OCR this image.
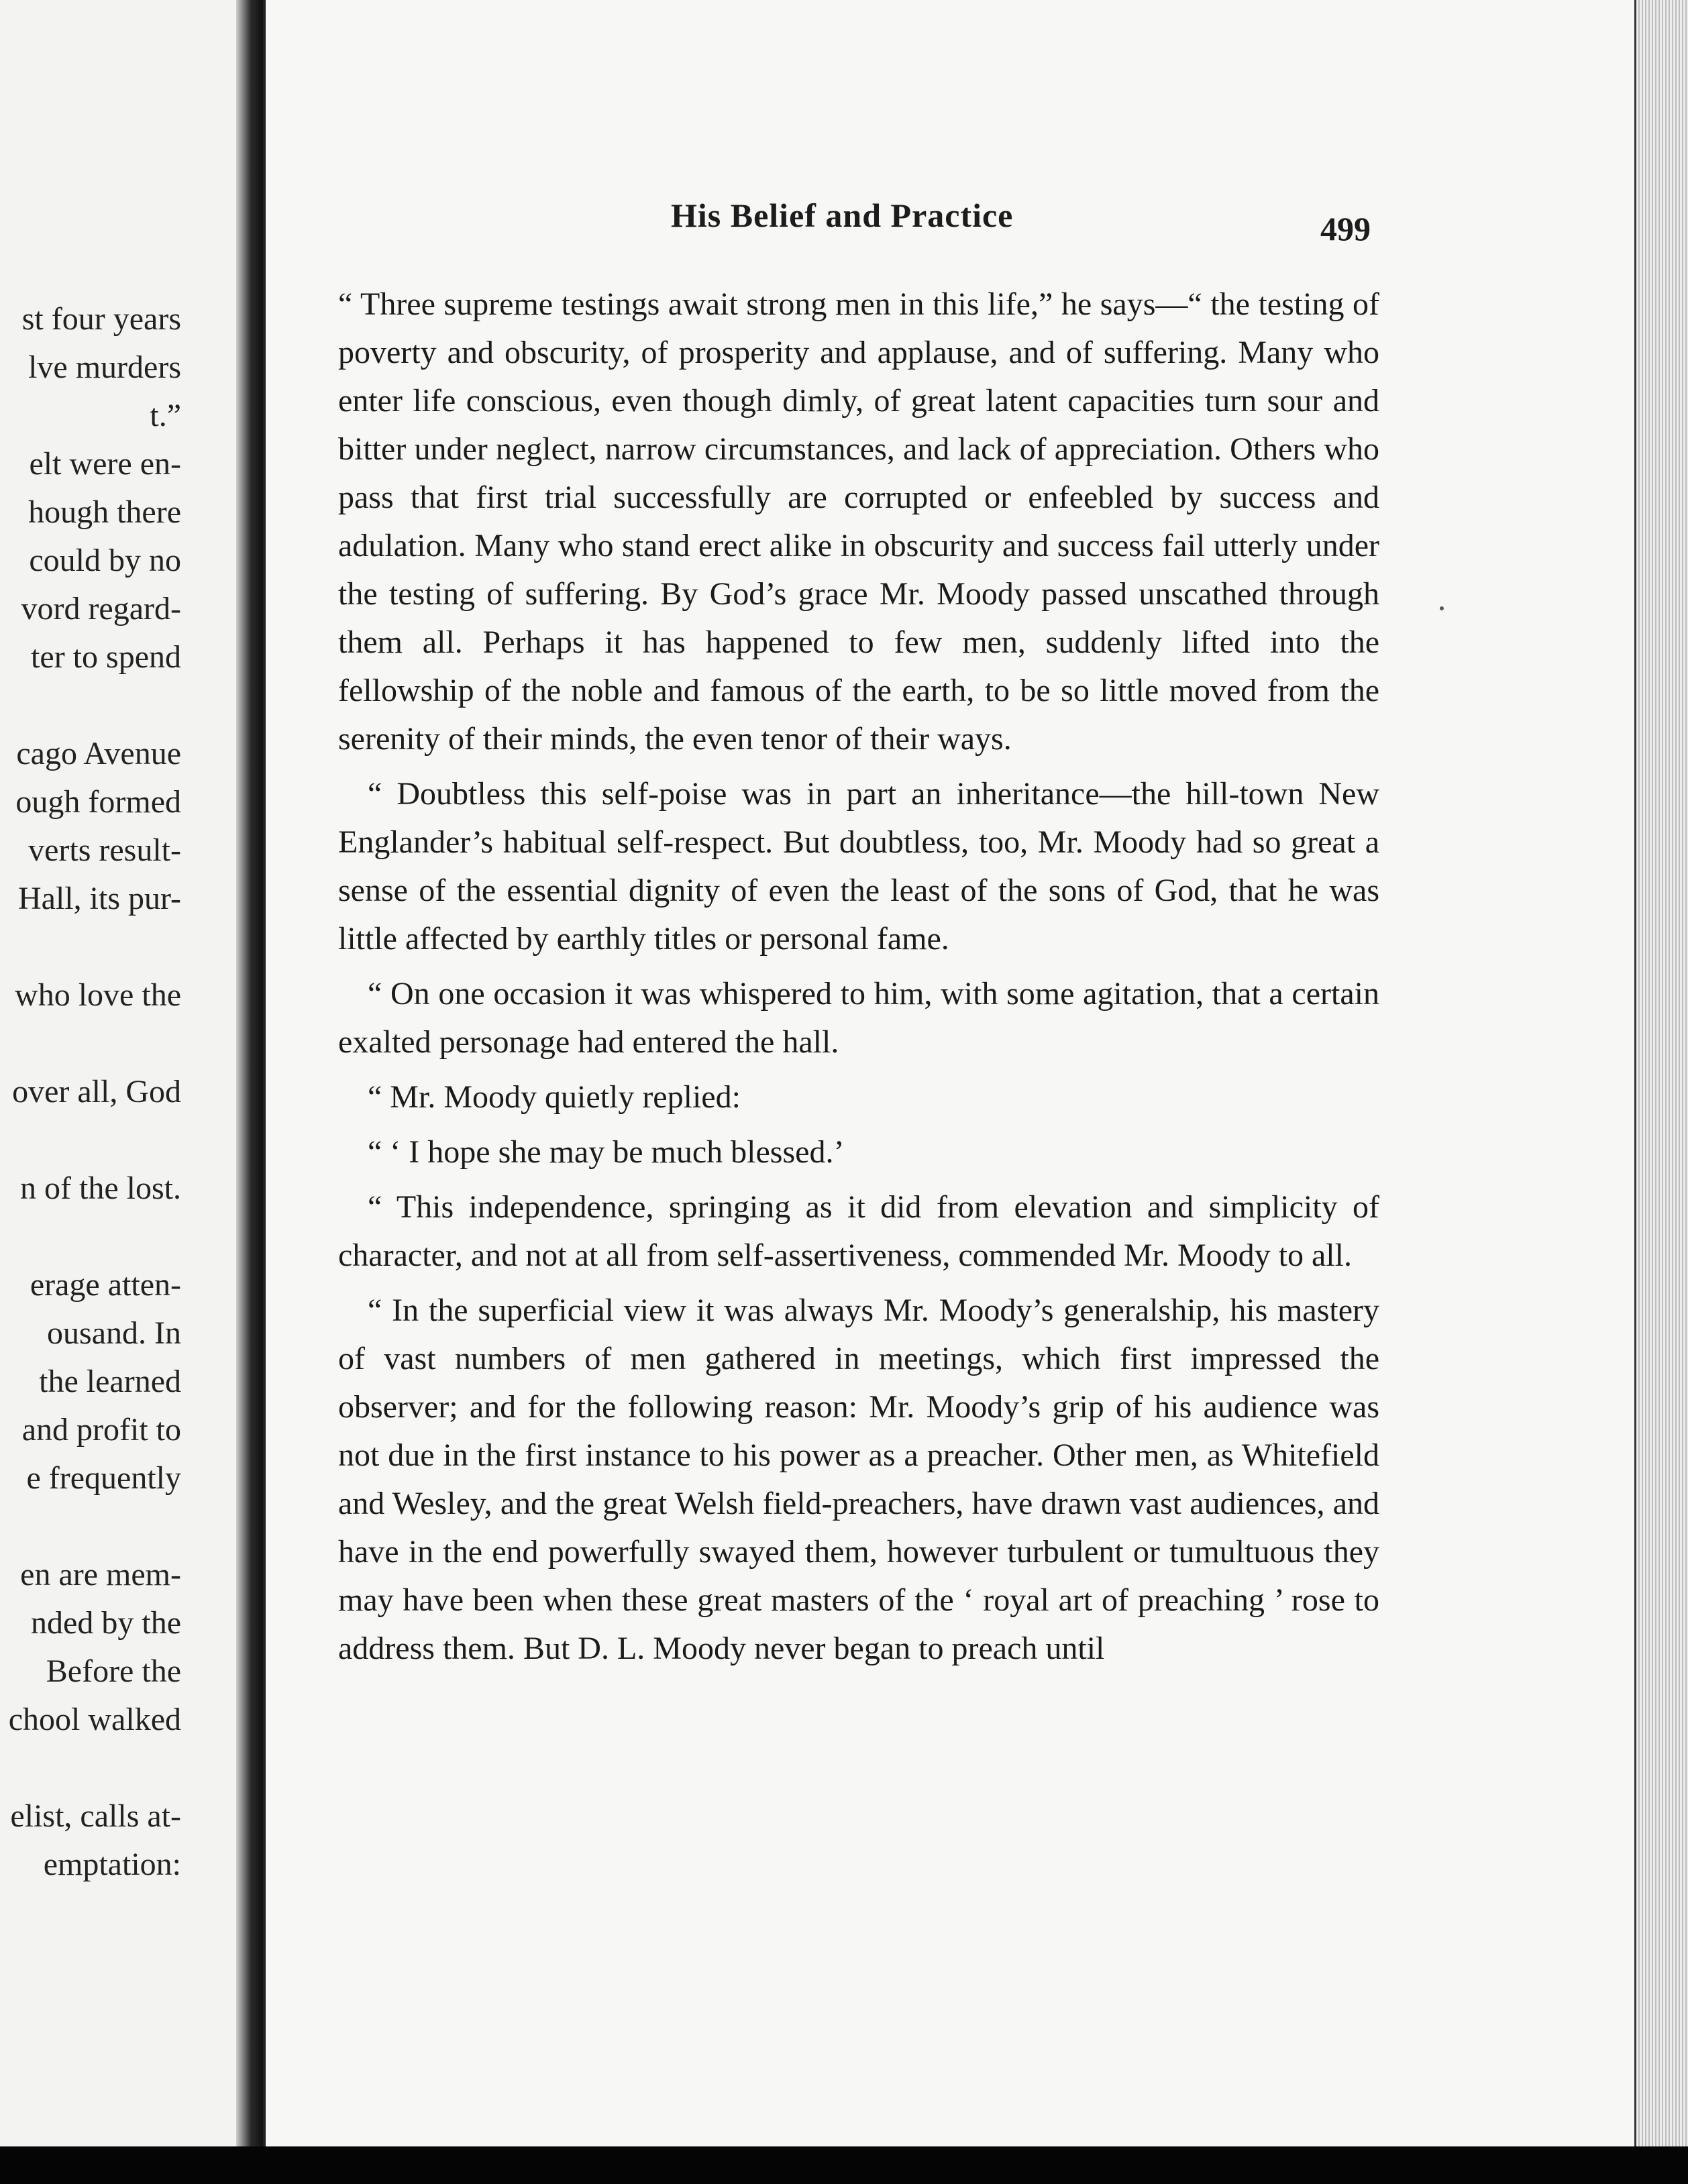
st four years
lve murders
t.”
elt were en-
hough there
could by no
vord regard-
ter to spend
cago Avenue
ough formed
verts result-
Hall, its pur-
who love the
over all, God
n of the lost.
erage atten-
ousand. In
the learned
and profit to
e frequently
en are mem-
nded by the
Before the
chool walked
elist, calls at-
emptation:
His Belief and Practice	499

“ Three supreme testings await strong men in this life,” he says—“ the testing of poverty and obscurity, of prosperity and applause, and of suffering. Many who enter life conscious, even though dimly, of great latent capacities turn sour and bitter under neglect, narrow circumstances, and lack of appreciation. Others who pass that first trial successfully are corrupted or enfeebled by success and adulation. Many who stand erect alike in obscurity and success fail utterly under the testing of suffering. By God’s grace Mr. Moody passed unscathed through them all. Perhaps it has happened to few men, suddenly lifted into the fellowship of the noble and famous of the earth, to be so little moved from the serenity of their minds, the even tenor of their ways.

“ Doubtless this self-poise was in part an inheritance—the hill-town New Englander’s habitual self-respect. But doubtless, too, Mr. Moody had so great a sense of the essential dignity of even the least of the sons of God, that he was little affected by earthly titles or personal fame.

“ On one occasion it was whispered to him, with some agitation, that a certain exalted personage had entered the hall.

“ Mr. Moody quietly replied:

“ ‘ I hope she may be much blessed.’

“ This independence, springing as it did from elevation and simplicity of character, and not at all from self-assertiveness, commended Mr. Moody to all.

“ In the superficial view it was always Mr. Moody’s generalship, his mastery of vast numbers of men gathered in meetings, which first impressed the observer; and for the following reason: Mr. Moody’s grip of his audience was not due in the first instance to his power as a preacher. Other men, as Whitefield and Wesley, and the great Welsh field-preachers, have drawn vast audiences, and have in the end powerfully swayed them, however turbulent or tumultuous they may have been when these great masters of the ‘ royal art of preaching ’ rose to address them. But D. L. Moody never began to preach until
